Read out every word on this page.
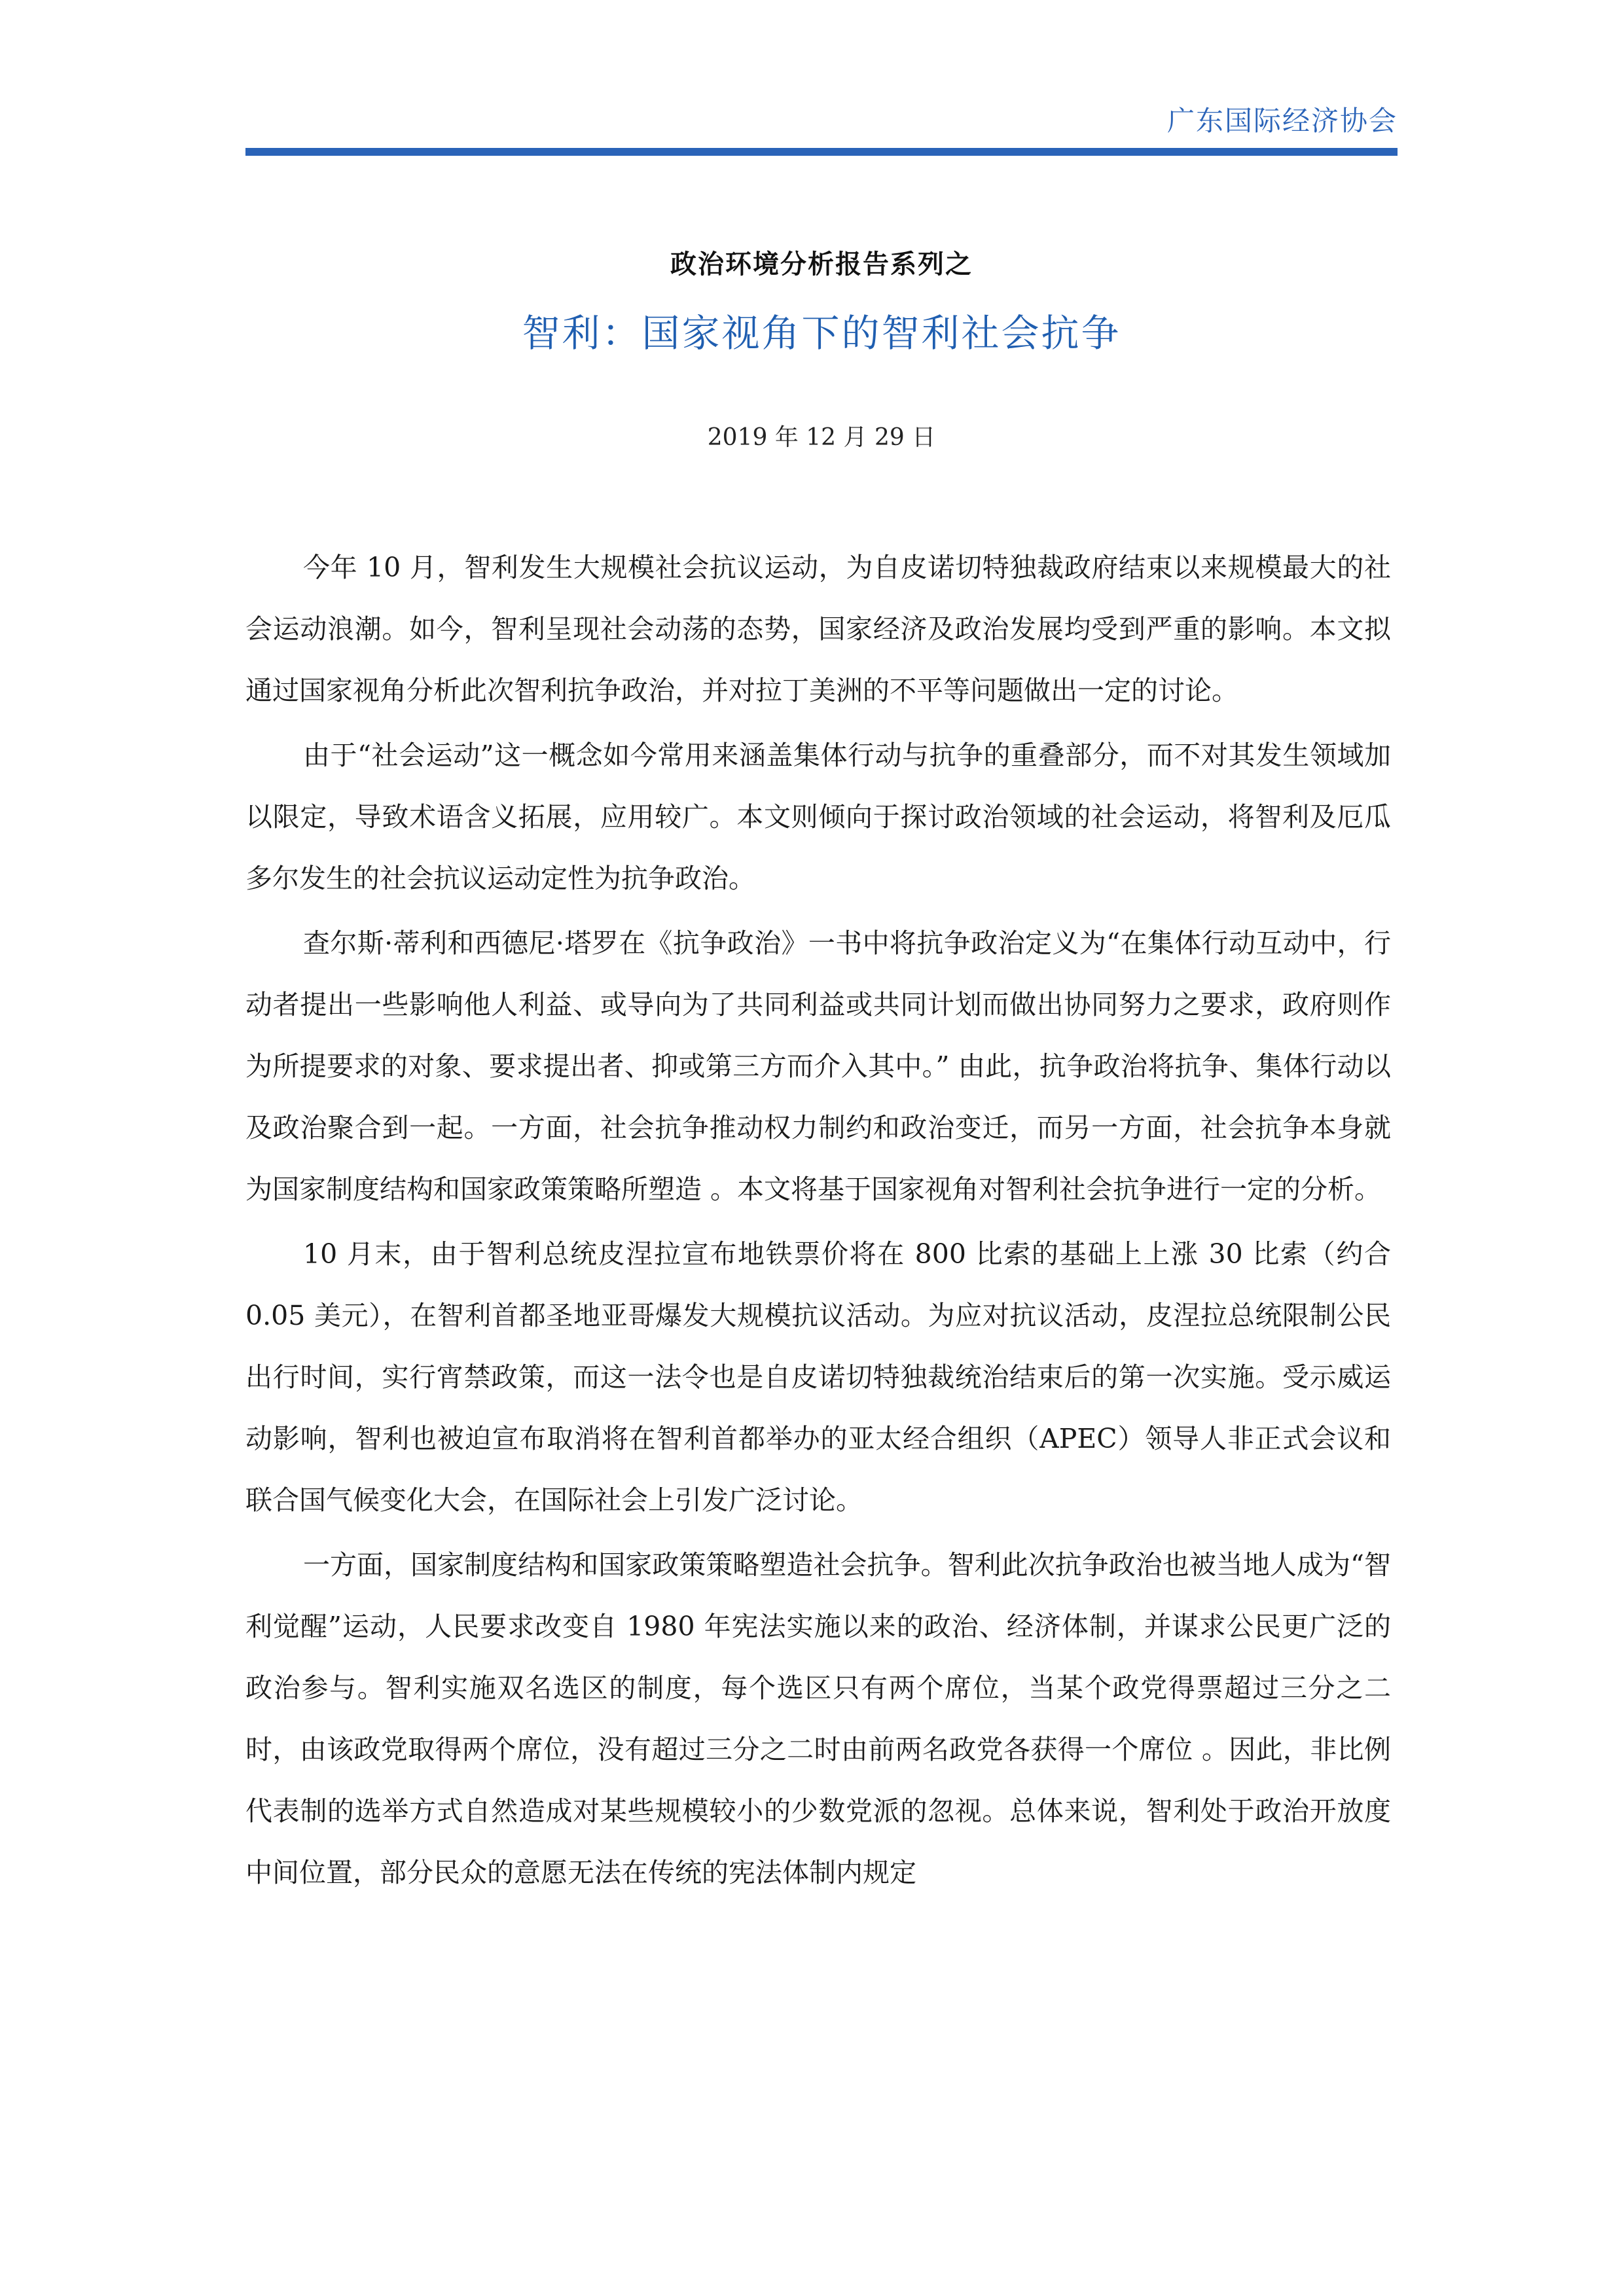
广东国际经济协会
政治环境分析报告系列之
智利：国家视角下的智利社会抗争
2019 年 12 月 29 日

今年 10 月，智利发生大规模社会抗议运动，为自皮诺切特独裁政府结束以来规模最大的社会运动浪潮。如今，智利呈现社会动荡的态势，国家经济及政治发展均受到严重的影响。本文拟通过国家视角分析此次智利抗争政治，并对拉丁美洲的不平等问题做出一定的讨论。

由于“社会运动”这一概念如今常用来涵盖集体行动与抗争的重叠部分，而不对其发生领域加以限定，导致术语含义拓展，应用较广。本文则倾向于探讨政治领域的社会运动，将智利及厄瓜多尔发生的社会抗议运动定性为抗争政治。

查尔斯·蒂利和西德尼·塔罗在《抗争政治》一书中将抗争政治定义为“在集体行动互动中，行动者提出一些影响他人利益、或导向为了共同利益或共同计划而做出协同努力之要求，政府则作为所提要求的对象、要求提出者、抑或第三方而介入其中。” 由此，抗争政治将抗争、集体行动以及政治聚合到一起。一方面，社会抗争推动权力制约和政治变迁，而另一方面，社会抗争本身就为国家制度结构和国家政策策略所塑造 。本文将基于国家视角对智利社会抗争进行一定的分析。

10 月末，由于智利总统皮涅拉宣布地铁票价将在 800 比索的基础上上涨 30 比索（约合 0.05 美元），在智利首都圣地亚哥爆发大规模抗议活动。为应对抗议活动，皮涅拉总统限制公民出行时间，实行宵禁政策，而这一法令也是自皮诺切特独裁统治结束后的第一次实施。受示威运动影响，智利也被迫宣布取消将在智利首都举办的亚太经合组织（APEC）领导人非正式会议和联合国气候变化大会，在国际社会上引发广泛讨论。

一方面，国家制度结构和国家政策策略塑造社会抗争。智利此次抗争政治也被当地人成为“智利觉醒”运动，人民要求改变自 1980 年宪法实施以来的政治、经济体制，并谋求公民更广泛的政治参与。智利实施双名选区的制度，每个选区只有两个席位，当某个政党得票超过三分之二时，由该政党取得两个席位，没有超过三分之二时由前两名政党各获得一个席位 。因此，非比例代表制的选举方式自然造成对某些规模较小的少数党派的忽视。总体来说，智利处于政治开放度中间位置，部分民众的意愿无法在传统的宪法体制内规定
